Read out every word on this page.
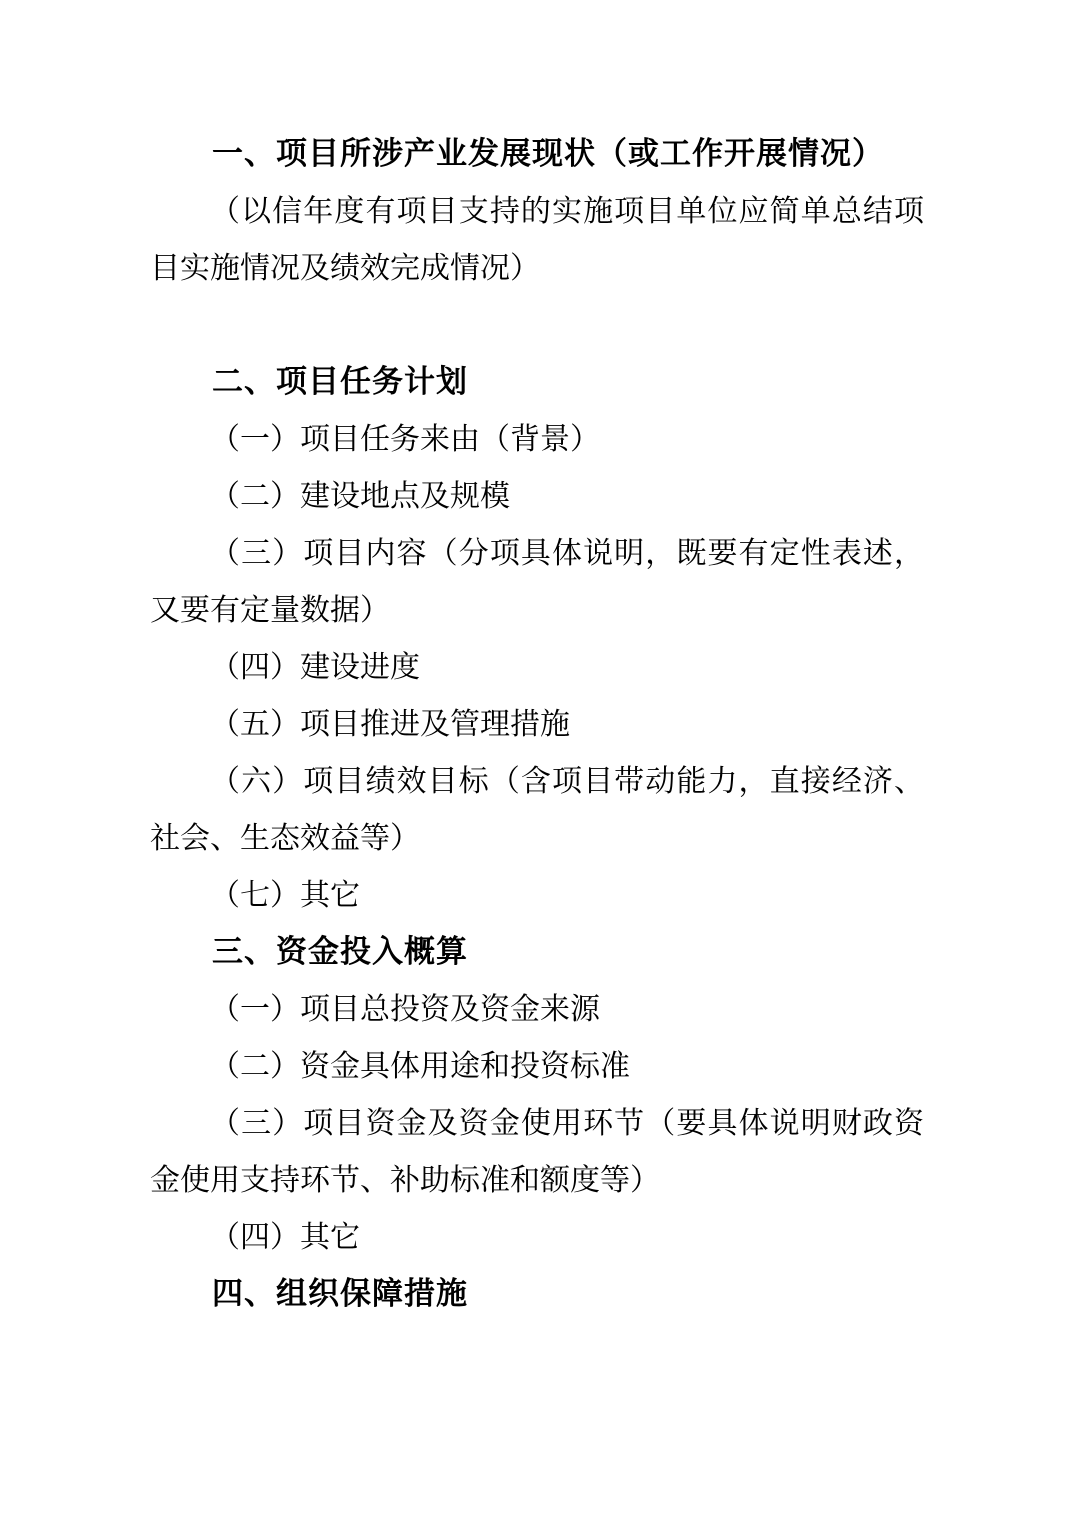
一、项目所涉产业发展现状（或工作开展情况）

（以信年度有项目支持的实施项目单位应简单总结项目实施情况及绩效完成情况）

二、项目任务计划

（一）项目任务来由（背景）

（二）建设地点及规模

（三）项目内容（分项具体说明，既要有定性表述，又要有定量数据）

（四）建设进度

（五）项目推进及管理措施

（六）项目绩效目标（含项目带动能力，直接经济、社会、生态效益等）

（七）其它

三、资金投入概算

（一）项目总投资及资金来源

（二）资金具体用途和投资标准

（三）项目资金及资金使用环节（要具体说明财政资金使用支持环节、补助标准和额度等）

（四）其它

四、组织保障措施
